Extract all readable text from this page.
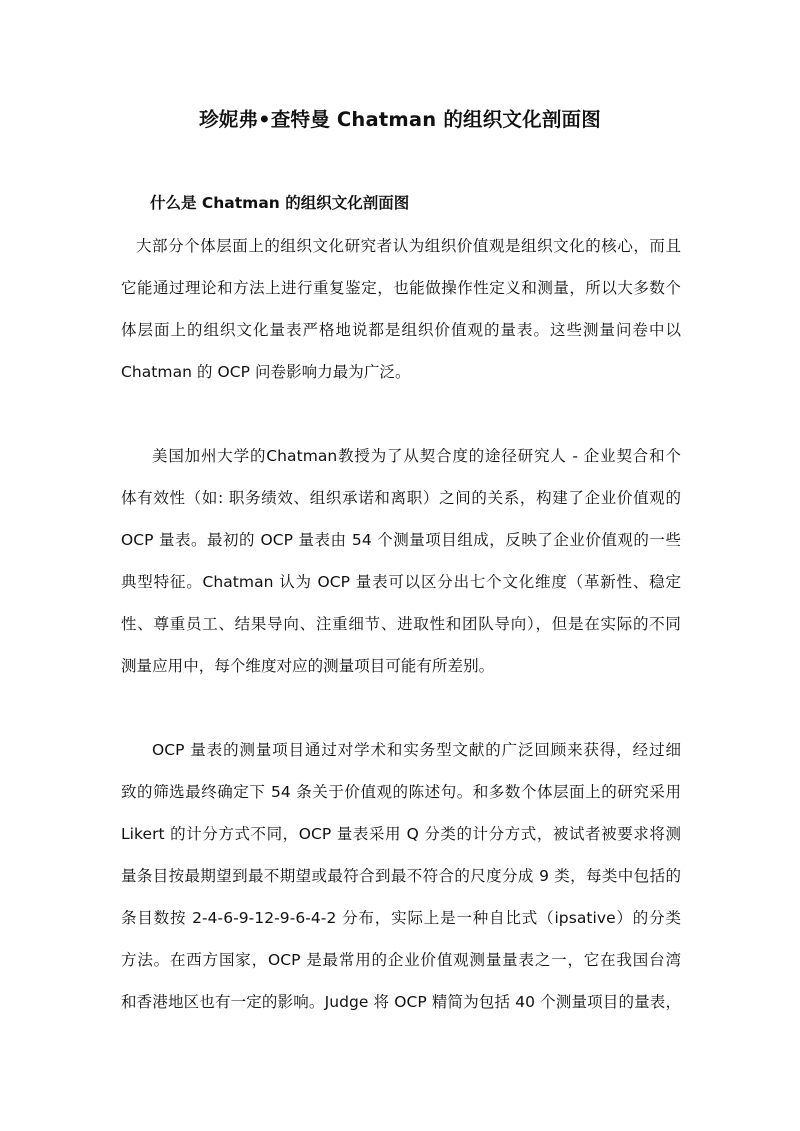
珍妮弗•查特曼 Chatman 的组织文化剖面图
什么是 Chatman 的组织文化剖面图
大部分个体层面上的组织文化研究者认为组织价值观是组织文化的核心，而且
它能通过理论和方法上进行重复鉴定，也能做操作性定义和测量，所以大多数个
体层面上的组织文化量表严格地说都是组织价值观的量表。这些测量问卷中以
Chatman 的 OCP 问卷影响力最为广泛。
美国加州大学的Chatman教授为了从契合度的途径研究人 - 企业契合和个
体有效性（如: 职务绩效、组织承诺和离职）之间的关系，构建了企业价值观的
OCP 量表。最初的 OCP 量表由 54 个测量项目组成，反映了企业价值观的一些
典型特征。Chatman 认为 OCP 量表可以区分出七个文化维度（革新性、稳定
性、尊重员工、结果导向、注重细节、进取性和团队导向），但是在实际的不同
测量应用中，每个维度对应的测量项目可能有所差别。
OCP 量表的测量项目通过对学术和实务型文献的广泛回顾来获得，经过细
致的筛选最终确定下 54 条关于价值观的陈述句。和多数个体层面上的研究采用
Likert 的计分方式不同，OCP 量表采用 Q 分类的计分方式，被试者被要求将测
量条目按最期望到最不期望或最符合到最不符合的尺度分成 9 类，每类中包括的
条目数按 2-4-6-9-12-9-6-4-2 分布，实际上是一种自比式（ipsative）的分类
方法。在西方国家，OCP 是最常用的企业价值观测量量表之一，它在我国台湾
和香港地区也有一定的影响。Judge 将 OCP 精简为包括 40 个测量项目的量表，
